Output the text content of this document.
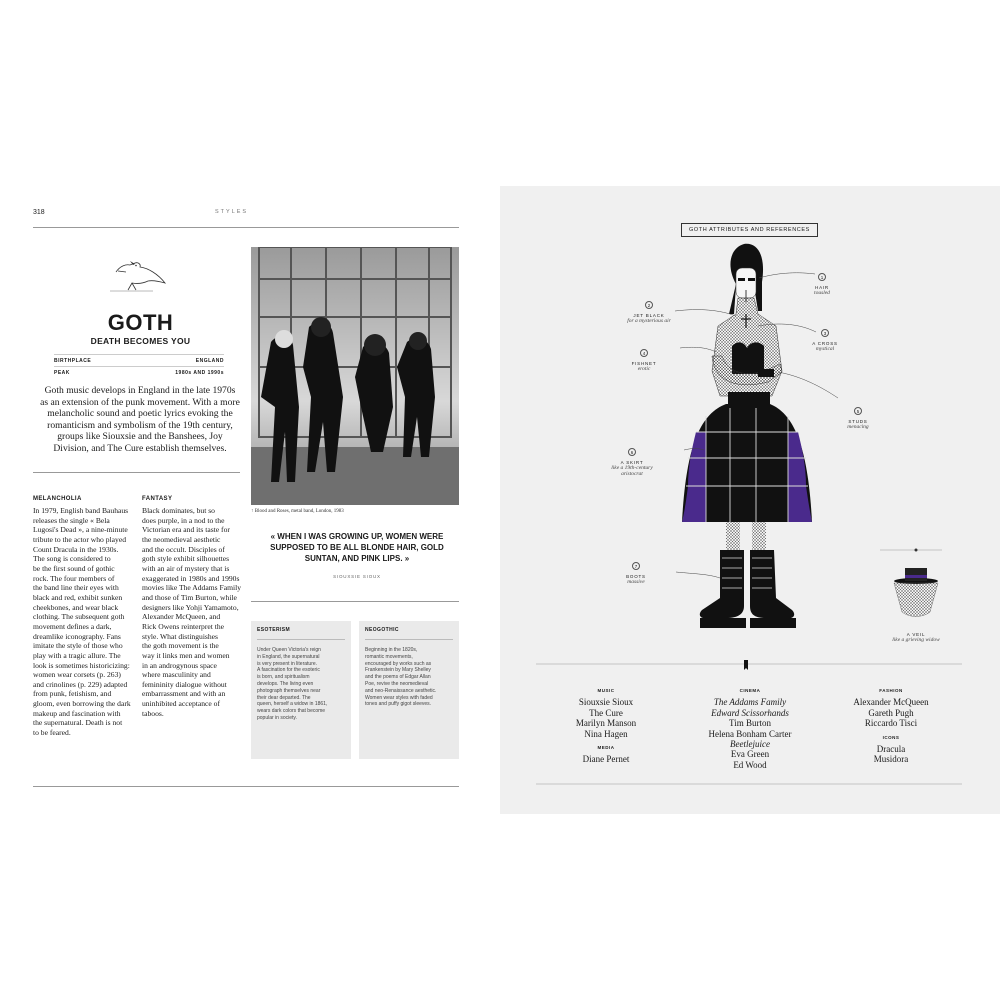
318	STYLES
GOTH
DEATH BECOMES YOU
BIRTHPLACE	ENGLAND
PEAK	1980s AND 1990s
Goth music develops in England in the late 1970s as an extension of the punk movement. With a more melancholic sound and poetic lyrics evoking the romanticism and symbolism of the 19th century, groups like Siouxsie and the Banshees, Joy Division, and The Cure establish themselves.
MELANCHOLIA
In 1979, English band Bauhaus
releases the single « Bela
Lugosi's Dead », a nine-minute
tribute to the actor who played
Count Dracula in the 1930s.
The song is considered to
be the first sound of gothic
rock. The four members of
the band line their eyes with
black and red, exhibit sunken
cheekbones, and wear black
clothing. The subsequent goth
movement defines a dark,
dreamlike iconography. Fans
imitate the style of those who
play with a tragic allure. The
look is sometimes historicizing:
women wear corsets (p. 263)
and crinolines (p. 229) adapted
from punk, fetishism, and
gloom, even borrowing the dark
makeup and fascination with
the supernatural. Death is not
to be feared.
FANTASY
Black dominates, but so
does purple, in a nod to the
Victorian era and its taste for
the neomedieval aesthetic
and the occult. Disciples of
goth style exhibit silhouettes
with an air of mystery that is
exaggerated in 1980s and 1990s
movies like The Addams Family
and those of Tim Burton, while
designers like Yohji Yamamoto,
Alexander McQueen, and
Rick Owens reinterpret the
style. What distinguishes
the goth movement is the
way it links men and women
in an androgynous space
where masculinity and
femininity dialogue without
embarrassment and with an
uninhibited acceptance of
taboos.
↑ Blood and Roses, metal band, London, 1983
« WHEN I WAS GROWING UP, WOMEN WERE SUPPOSED TO BE ALL BLONDE HAIR, GOLD SUNTAN, AND PINK LIPS. »
SIOUXSIE SIOUX
ESOTERISM
Under Queen Victoria's reign
in England, the supernatural
is very present in literature.
A fascination for the esoteric
is born, and spiritualism
develops. The living even
photograph themselves near
their dear departed. The
queen, herself a widow in 1861,
wears dark colors that become
popular in society.
NEOGOTHIC
Beginning in the 1820s,
romantic movements,
encouraged by works such as
Frankenstein by Mary Shelley
and the poems of Edgar Allan
Poe, revive the neomedieval
and neo-Renaissance aesthetic.
Women wear styles with faded
tones and puffy gigot sleeves.
GOTH ATTRIBUTES AND REFERENCES
1
HAIR
tousled
2
JET BLACK
for a mysterious air
3
A CROSS
mystical
4
FISHNET
erotic
5
STUDS
menacing
6
A SKIRT
like a 19th-century aristocrat
7
BOOTS
massive
A VEIL
like a grieving widow
MUSIC
Siouxsie Sioux
The Cure
Marilyn Manson
Nina Hagen
MEDIA
Diane Pernet
CINEMA
The Addams Family
Edward Scissorhands
Tim Burton
Helena Bonham Carter
Beetlejuice
Eva Green
Ed Wood
FASHION
Alexander McQueen
Gareth Pugh
Riccardo Tisci
ICONS
Dracula
Musidora
